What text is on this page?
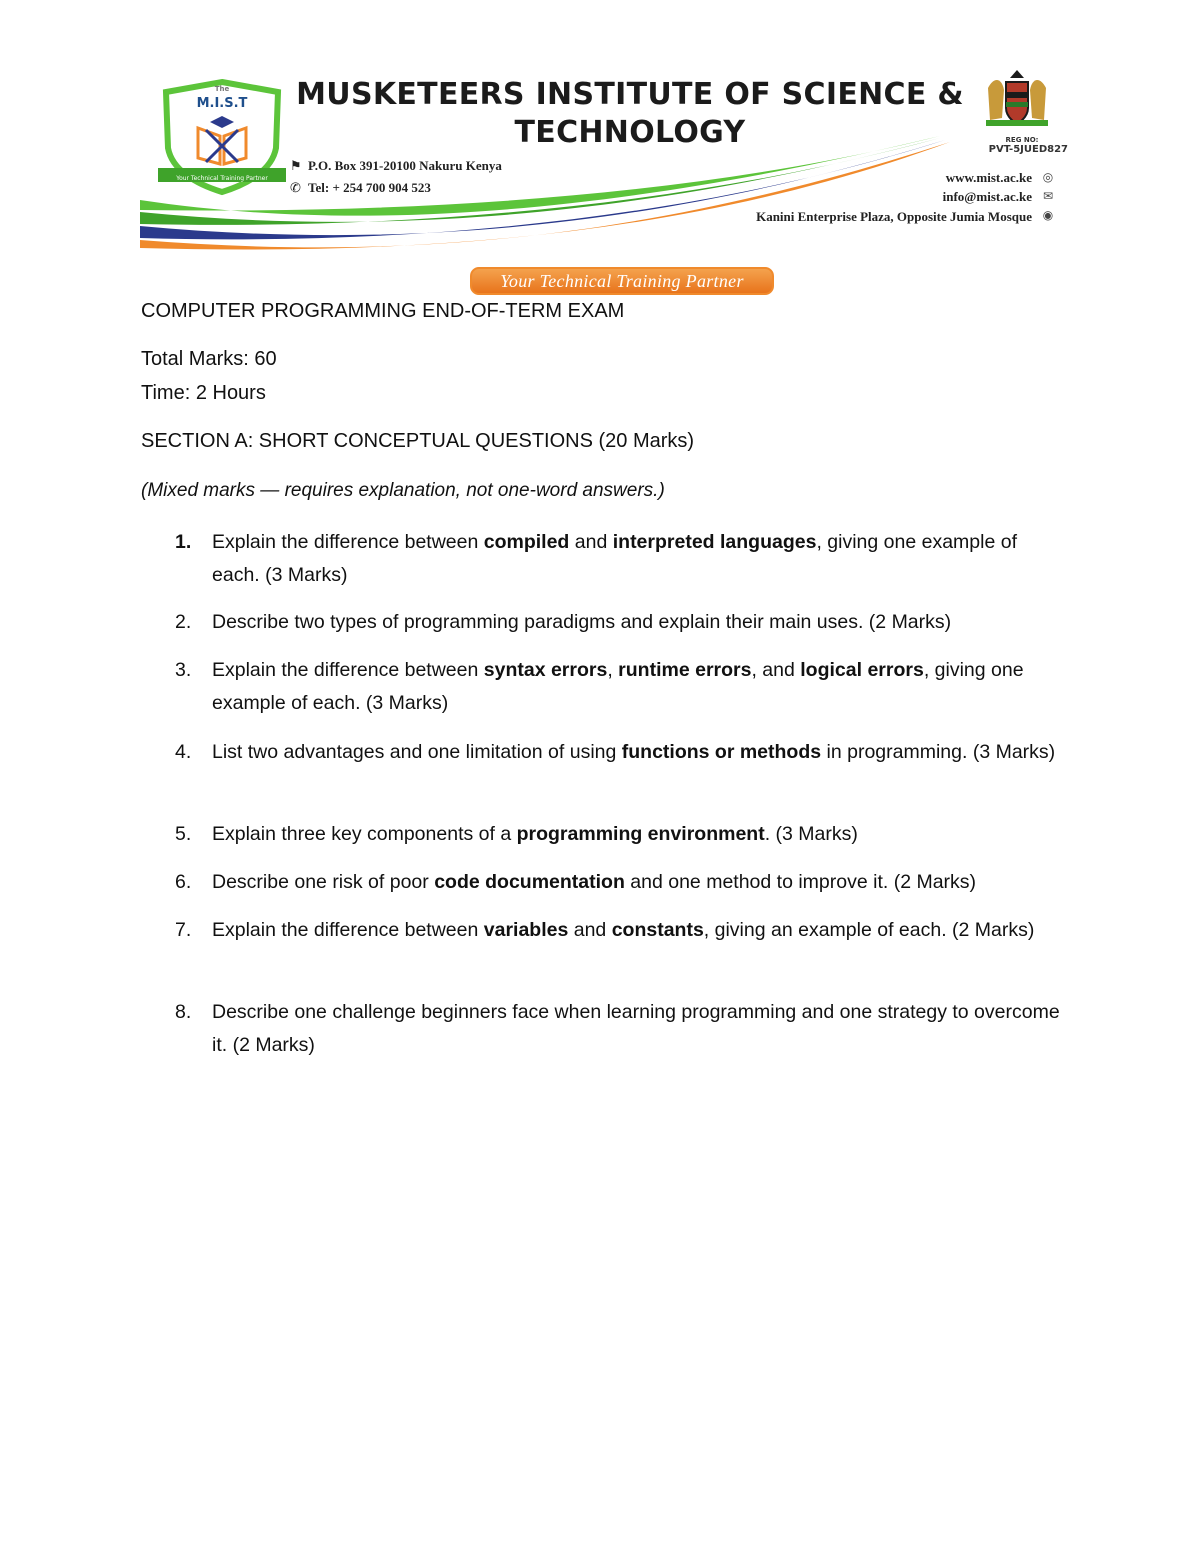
The
M.I.S.T
Your Technical Training Partner
MUSKETEERS INSTITUTE OF SCIENCE & TECHNOLOGY
⚑ P.O. Box 391-20100 Nakuru Kenya
✆ Tel: + 254 700 904 523
REG NO:
PVT-5JUED827
www.mist.ac.ke ◎
info@mist.ac.ke ✉
Kanini Enterprise Plaza, Opposite Jumia Mosque ◉
Your Technical Training Partner
COMPUTER PROGRAMMING END-OF-TERM EXAM
Total Marks: 60
Time: 2 Hours
SECTION A: SHORT CONCEPTUAL QUESTIONS (20 Marks)
(Mixed marks — requires explanation, not one-word answers.)
1.	Explain the difference between compiled and interpreted languages, giving one example of each. (3 Marks)
2.	Describe two types of programming paradigms and explain their main uses. (2 Marks)
3.	Explain the difference between syntax errors, runtime errors, and logical errors, giving one example of each. (3 Marks)
4.	List two advantages and one limitation of using functions or methods in programming. (3 Marks)
5.	Explain three key components of a programming environment. (3 Marks)
6.	Describe one risk of poor code documentation and one method to improve it. (2 Marks)
7.	Explain the difference between variables and constants, giving an example of each. (2 Marks)
8.	Describe one challenge beginners face when learning programming and one strategy to overcome it. (2 Marks)
